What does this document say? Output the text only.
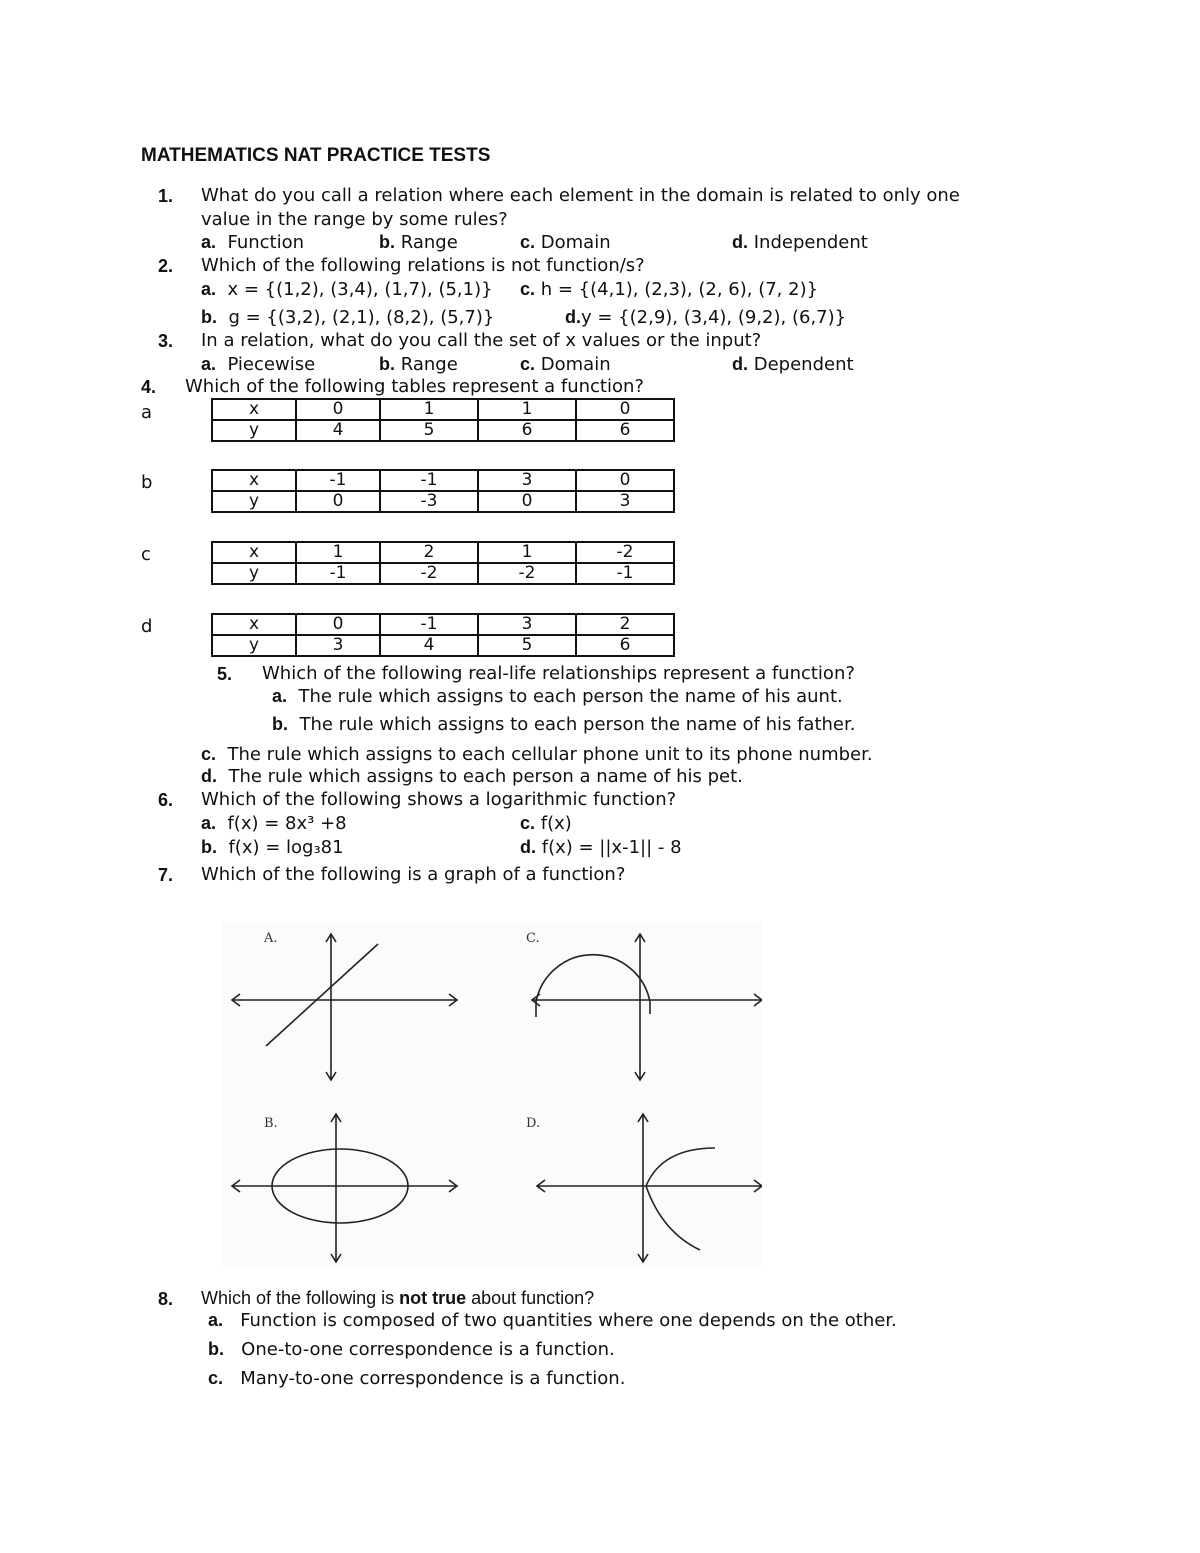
MATHEMATICS NAT PRACTICE TESTS
1. What do you call a relation where each element in the domain is related to only one
value in the range by some rules?
a. Function	b. Range	c. Domain	d. Independent
2. Which of the following relations is not function/s?
a. x = {(1,2), (3,4), (1,7), (5,1)} c. h = {(4,1), (2,3), (2, 6), (7, 2)}
b. g = {(3,2), (2,1), (8,2), (5,7)}	d.y = {(2,9), (3,4), (9,2), (6,7)}
3. In a relation, what do you call the set of x values or the input?
a. Piecewise	b. Range	c. Domain	d. Dependent
4. Which of the following tables represent a function?
a	x	0	1	1	0
y	4	5	6	6
b	x	-1	-1	3	0
y	0	-3	0	3
c	x	1	2	1	-2
y	-1	-2	-2	-1
d	x	0	-1	3	2
y	3	4	5	6
5. Which of the following real-life relationships represent a function?
a. The rule which assigns to each person the name of his aunt.
b. The rule which assigns to each person the name of his father.
c. The rule which assigns to each cellular phone unit to its phone number.
d. The rule which assigns to each person a name of his pet.
6. Which of the following shows a logarithmic function?
a. f(x) = 8x³ +8	c. f(x)
b. f(x) = log₃81	d. f(x) = ||x-1|| - 8
7. Which of the following is a graph of a function?
A.	C.
B.	D.
8. Which of the following is not true about function?
a. Function is composed of two quantities where one depends on the other.
b. One-to-one correspondence is a function.
c. Many-to-one correspondence is a function.
